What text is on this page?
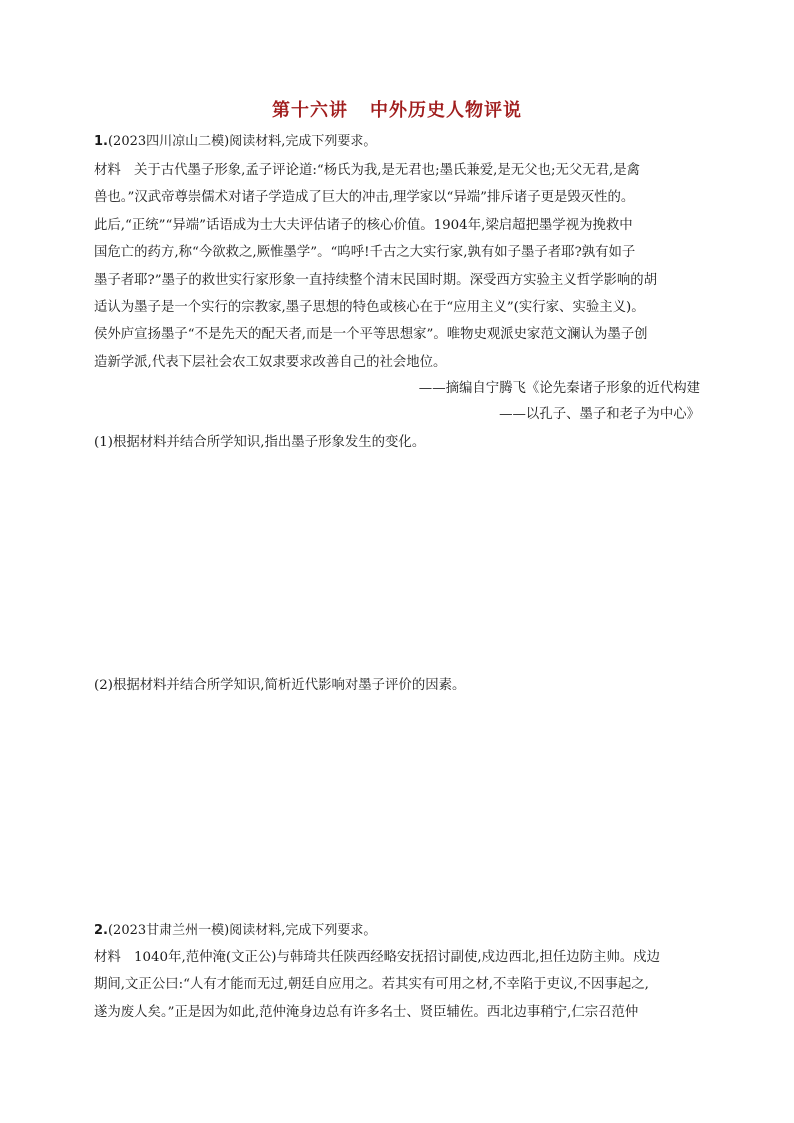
第十六讲 中外历史人物评说
1.(2023四川凉山二模)阅读材料,完成下列要求。
材料 关于古代墨子形象,孟子评论道:“杨氏为我,是无君也;墨氏兼爱,是无父也;无父无君,是禽
兽也。”汉武帝尊崇儒术对诸子学造成了巨大的冲击,理学家以“异端”排斥诸子更是毁灭性的。
此后,“正统”“异端”话语成为士大夫评估诸子的核心价值。1904年,梁启超把墨学视为挽救中
国危亡的药方,称“今欲救之,厥惟墨学”。“呜呼!千古之大实行家,孰有如子墨子者耶?孰有如子
墨子者耶?”墨子的救世实行家形象一直持续整个清末民国时期。深受西方实验主义哲学影响的胡
适认为墨子是一个实行的宗教家,墨子思想的特色或核心在于“应用主义”(实行家、实验主义)。
侯外庐宣扬墨子“不是先天的配天者,而是一个平等思想家”。唯物史观派史家范文澜认为墨子创
造新学派,代表下层社会农工奴隶要求改善自己的社会地位。
——摘编自宁腾飞《论先秦诸子形象的近代构建
——以孔子、墨子和老子为中心》
(1)根据材料并结合所学知识,指出墨子形象发生的变化。
(2)根据材料并结合所学知识,简析近代影响对墨子评价的因素。
2.(2023甘肃兰州一模)阅读材料,完成下列要求。
材料 1040年,范仲淹(文正公)与韩琦共任陕西经略安抚招讨副使,戍边西北,担任边防主帅。戍边
期间,文正公曰:“人有才能而无过,朝廷自应用之。若其实有可用之材,不幸陷于吏议,不因事起之,
遂为废人矣。”正是因为如此,范仲淹身边总有许多名士、贤臣辅佐。西北边事稍宁,仁宗召范仲
